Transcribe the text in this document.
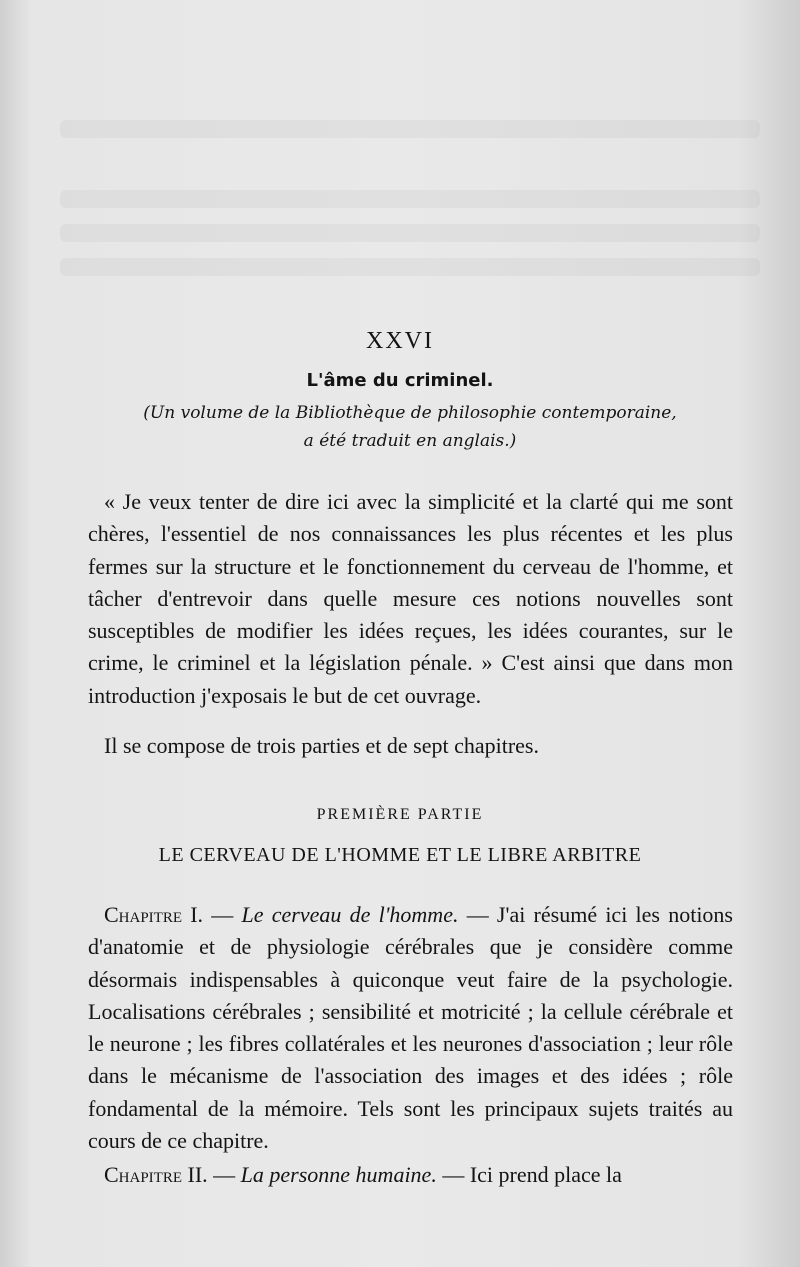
XXVI
L'âme du criminel.
(Un volume de la Bibliothèque de philosophie contemporaine,
a été traduit en anglais.)
« Je veux tenter de dire ici avec la simplicité et la clarté qui me sont chères, l'essentiel de nos connaissances les plus récentes et les plus fermes sur la structure et le fonctionnement du cerveau de l'homme, et tâcher d'entrevoir dans quelle mesure ces notions nouvelles sont susceptibles de modifier les idées reçues, les idées courantes, sur le crime, le criminel et la législation pénale. » C'est ainsi que dans mon introduction j'exposais le but de cet ouvrage.
Il se compose de trois parties et de sept chapitres.
PREMIÈRE PARTIE
LE CERVEAU DE L'HOMME ET LE LIBRE ARBITRE
Chapitre I. — Le cerveau de l'homme. — J'ai résumé ici les notions d'anatomie et de physiologie cérébrales que je considère comme désormais indispensables à quiconque veut faire de la psychologie. Localisations cérébrales ; sensibilité et motricité ; la cellule cérébrale et le neurone ; les fibres collatérales et les neurones d'association ; leur rôle dans le mécanisme de l'association des images et des idées ; rôle fondamental de la mémoire. Tels sont les principaux sujets traités au cours de ce chapitre.
Chapitre II. — La personne humaine. — Ici prend place la
